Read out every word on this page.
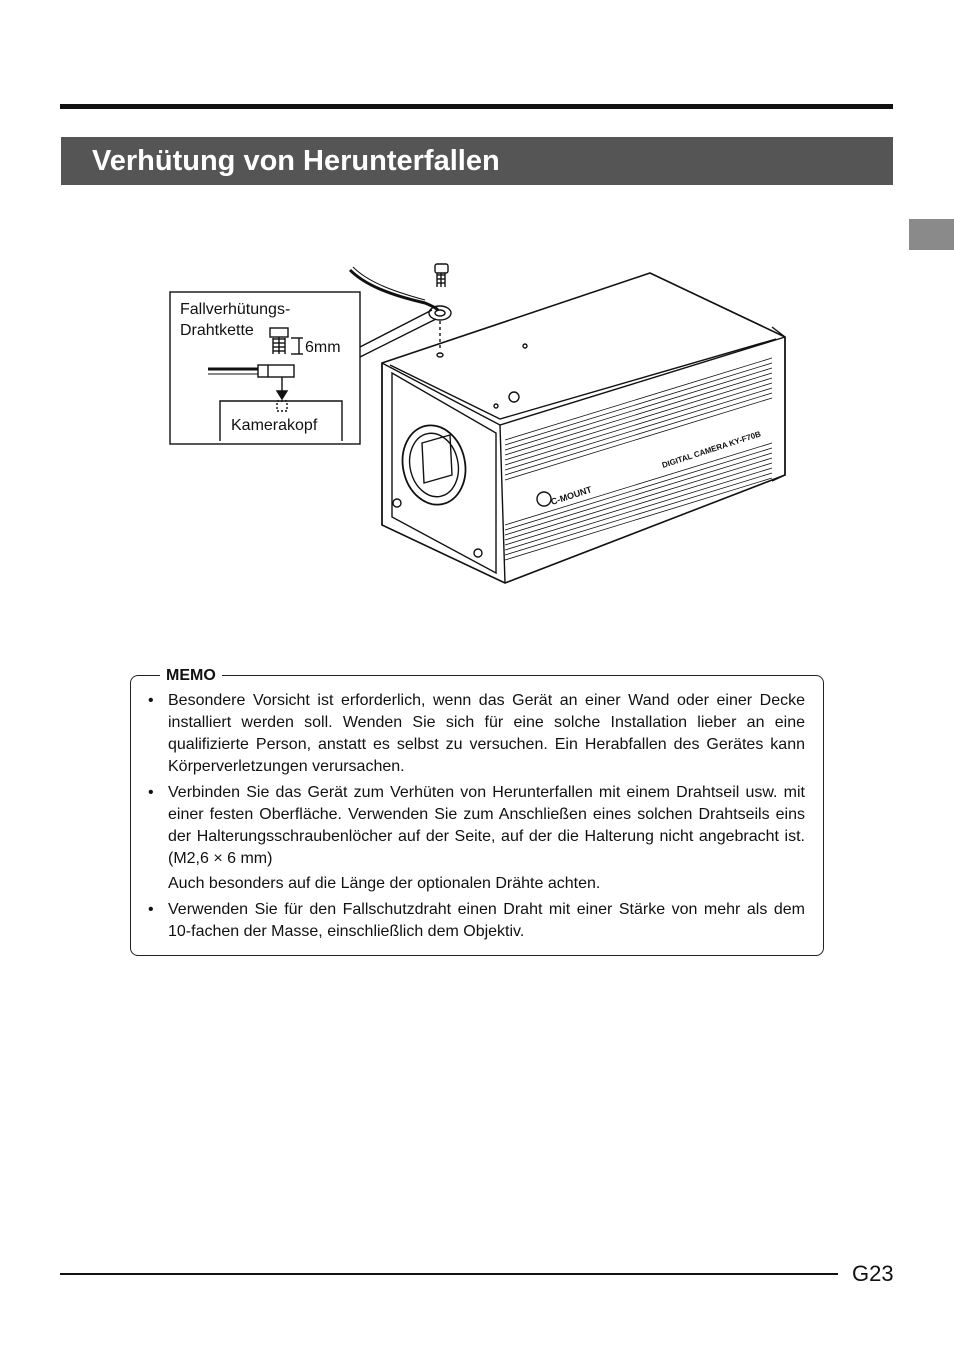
Verhütung von Herunterfallen
C-MOUNT
DIGITAL CAMERA KY-F70B
Fallverhütungs-
Drahtkette
6mm
Kamerakopf
MEMO
• Besondere Vorsicht ist erforderlich, wenn das Gerät an einer Wand oder einer Decke installiert werden soll. Wenden Sie sich für eine solche Installation lieber an eine qualifizierte Person, anstatt es selbst zu versuchen. Ein Herabfallen des Gerätes kann Körperverletzungen verursachen.
• Verbinden Sie das Gerät zum Verhüten von Herunterfallen mit einem Drahtseil usw. mit einer festen Oberfläche. Verwenden Sie zum Anschließen eines solchen Drahtseils eins der Halterungsschraubenlöcher auf der Seite, auf der die Halterung nicht angebracht ist. (M2,6 × 6 mm)
Auch besonders auf die Länge der optionalen Drähte achten.
• Verwenden Sie für den Fallschutzdraht einen Draht mit einer Stärke von mehr als dem 10-fachen der Masse, einschließlich dem Objektiv.
G23
